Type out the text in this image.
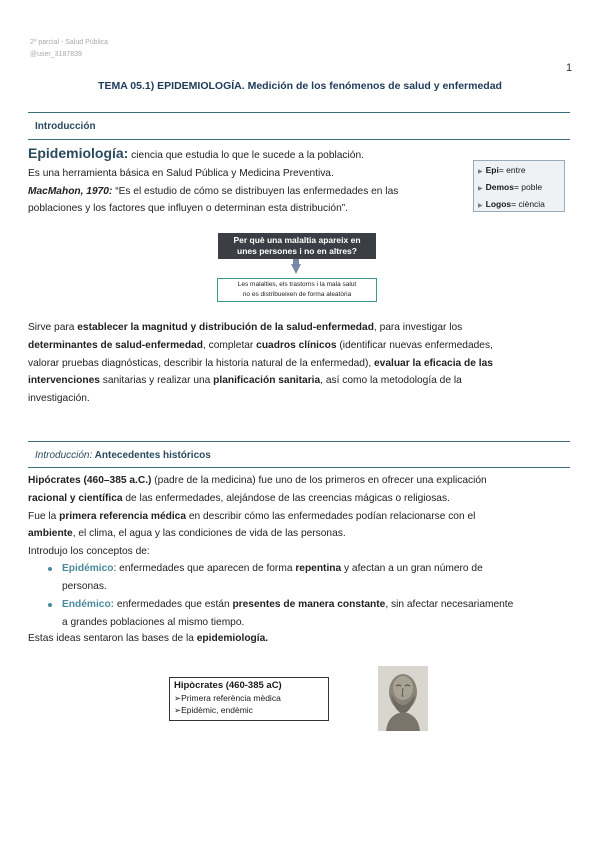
2º parcial - Salud Pública
@user_3187839
1
TEMA 05.1) EPIDEMIOLOGÍA. Medición de los fenómenos de salud y enfermedad
Introducción
Epidemiología: ciencia que estudia lo que le sucede a la población.
Es una herramienta básica en Salud Pública y Medicina Preventiva.
MacMahon, 1970: “Es el estudio de cómo se distribuyen las enfermedades en las
poblaciones y los factores que influyen o determinan esta distribución”.
▶ Epi= entre
▶ Demos= poble
▶ Logos= ciència
Per què una malaltia apareix en
unes persones i no en altres?
Les malalties, els trastorns i la mala salut
no es distribueixen de forma aleatòria
Sirve para establecer la magnitud y distribución de la salud-enfermedad, para investigar los
determinantes de salud-enfermedad, completar cuadros clínicos (identificar nuevas enfermedades,
valorar pruebas diagnósticas, describir la historia natural de la enfermedad), evaluar la eficacia de las
intervenciones sanitarias y realizar una planificación sanitaria, así como la metodología de la
investigación.
Introducción: Antecedentes históricos
Hipócrates (460–385 a.C.) (padre de la medicina) fue uno de los primeros en ofrecer una explicación
racional y científica de las enfermedades, alejándose de las creencias mágicas o religiosas.
Fue la primera referencia médica en describir cómo las enfermedades podían relacionarse con el
ambiente, el clima, el agua y las condiciones de vida de las personas.
Introdujo los conceptos de:
Epidémico: enfermedades que aparecen de forma repentina y afectan a un gran número de
personas.
Endémico: enfermedades que están presentes de manera constante, sin afectar necesariamente
a grandes poblaciones al mismo tiempo.
Estas ideas sentaron las bases de la epidemiología.
Hipòcrates (460-385 aC)
➢Primera referència mèdica
➢Epidèmic, endèmic
